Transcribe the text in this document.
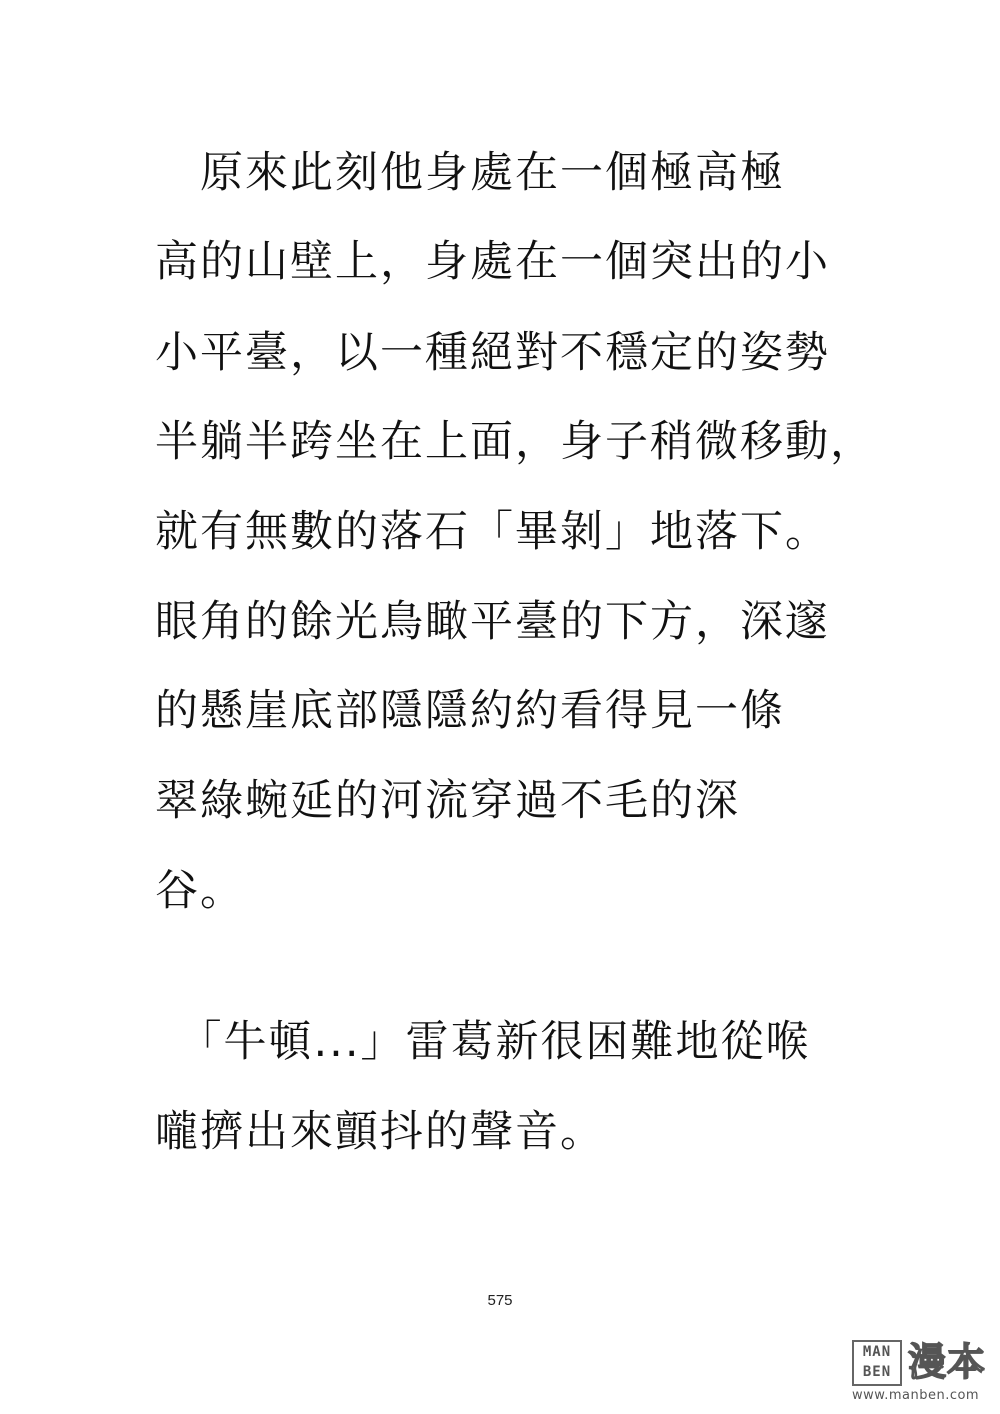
　原來此刻他身處在一個極高極
高的山壁上，身處在一個突出的小
小平臺，以一種絕對不穩定的姿勢
半躺半跨坐在上面，身子稍微移動，
就有無數的落石「畢剝」地落下。
眼角的餘光鳥瞰平臺的下方，深邃
的懸崖底部隱隱約約看得見一條
翠綠蜿延的河流穿過不毛的深
谷。
　「牛頓...」雷葛新很困難地從喉
嚨擠出來顫抖的聲音。
575
MAN
BEN 漫本
www.manben.com
